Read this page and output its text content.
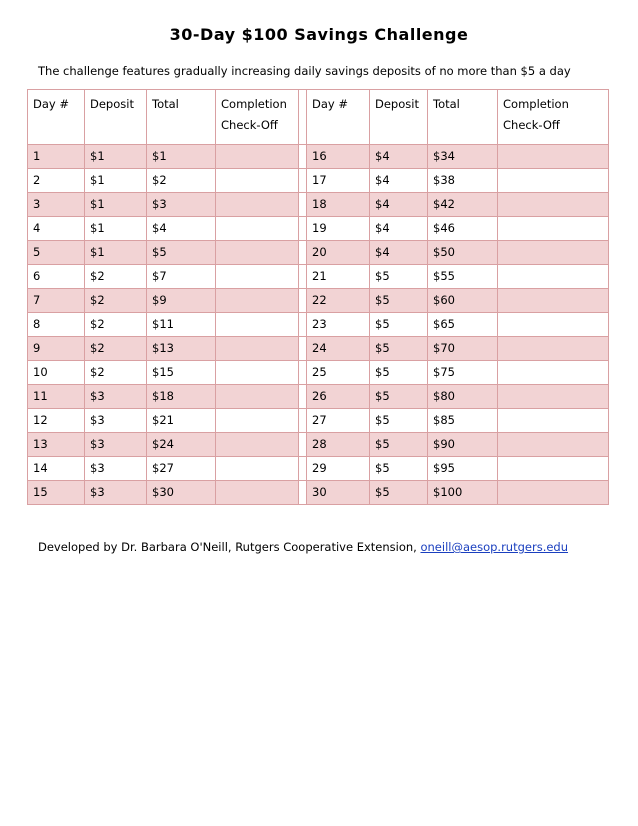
30-Day $100 Savings Challenge
The challenge features gradually increasing daily savings deposits of no more than $5 a day
Day #	Deposit	Total	Completion Check-Off		Day #	Deposit	Total	Completion Check-Off
1	$1	$1			16	$4	$34	
2	$1	$2			17	$4	$38	
3	$1	$3			18	$4	$42	
4	$1	$4			19	$4	$46	
5	$1	$5			20	$4	$50	
6	$2	$7			21	$5	$55	
7	$2	$9			22	$5	$60	
8	$2	$11			23	$5	$65	
9	$2	$13			24	$5	$70	
10	$2	$15			25	$5	$75	
11	$3	$18			26	$5	$80	
12	$3	$21			27	$5	$85	
13	$3	$24			28	$5	$90	
14	$3	$27			29	$5	$95	
15	$3	$30			30	$5	$100	
Developed by Dr. Barbara O'Neill, Rutgers Cooperative Extension, oneill@aesop.rutgers.edu
